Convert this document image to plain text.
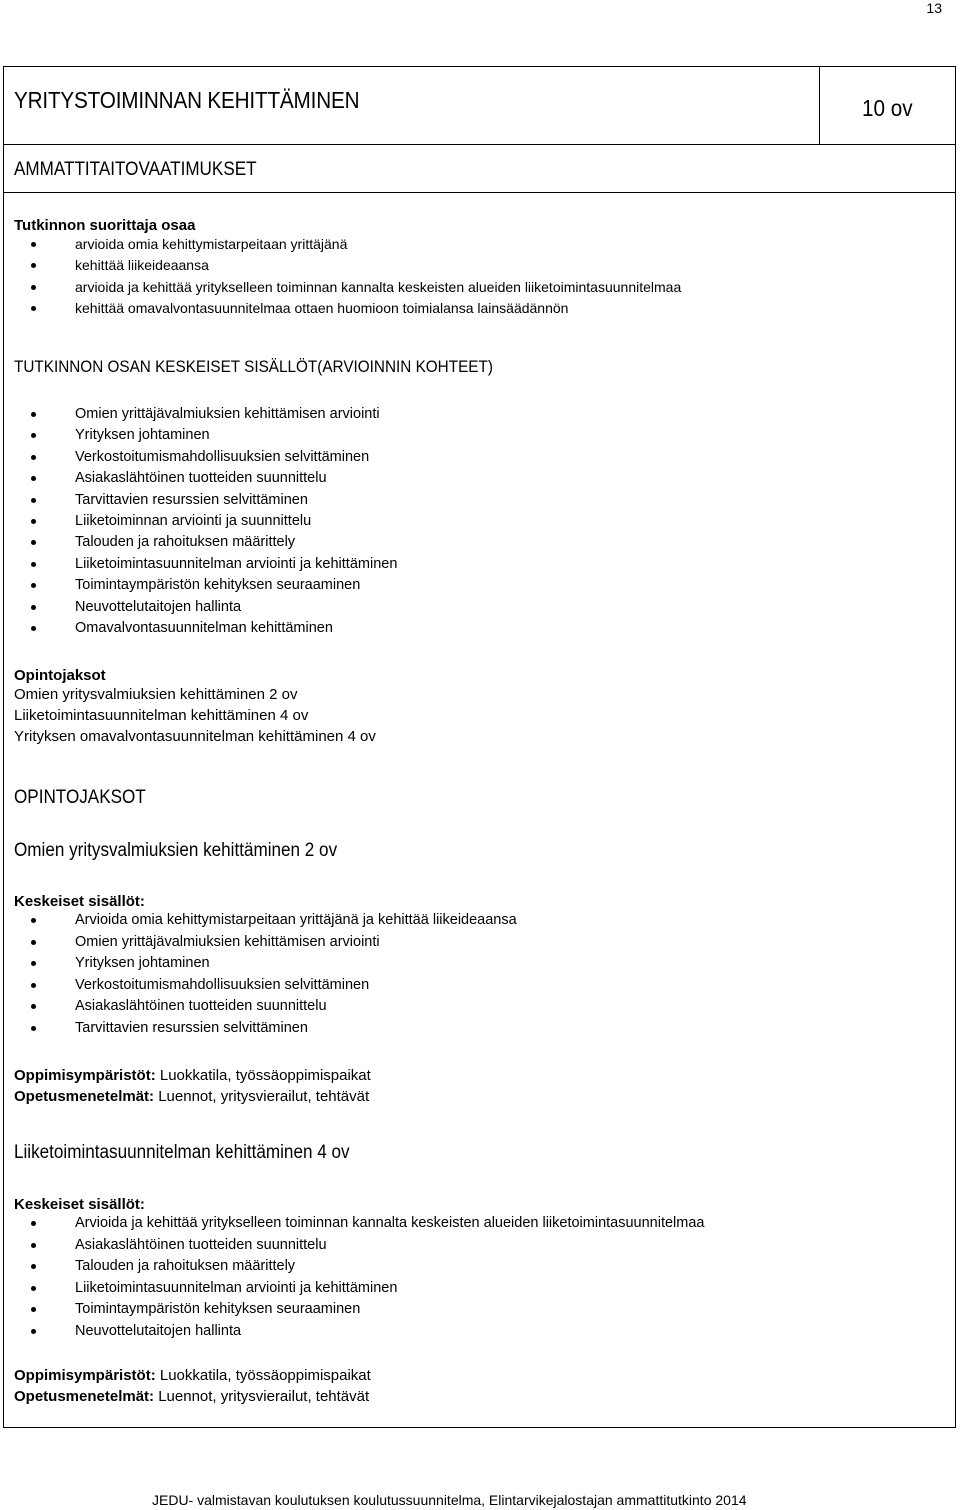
13
YRITYSTOIMINNAN KEHITTÄMINEN	10 ov
AMMATTITAITOVAATIMUKSET
Tutkinnon suorittaja osaa
arvioida omia kehittymistarpeitaan yrittäjänä
kehittää liikeideaansa
arvioida ja kehittää yritykselleen toiminnan kannalta keskeisten alueiden liiketoimintasuunnitelmaa
kehittää omavalvontasuunnitelmaa ottaen huomioon toimialansa lainsäädännön
TUTKINNON OSAN KESKEISET SISÄLLÖT(ARVIOINNIN KOHTEET)
Omien yrittäjävalmiuksien kehittämisen arviointi
Yrityksen johtaminen
Verkostoitumismahdollisuuksien selvittäminen
Asiakaslähtöinen tuotteiden suunnittelu
Tarvittavien resurssien selvittäminen
Liiketoiminnan arviointi ja suunnittelu
Talouden ja rahoituksen määrittely
Liiketoimintasuunnitelman arviointi ja kehittäminen
Toimintaympäristön kehityksen seuraaminen
Neuvottelutaitojen hallinta
Omavalvontasuunnitelman kehittäminen
Opintojaksot
Omien yritysvalmiuksien kehittäminen 2 ov
Liiketoimintasuunnitelman kehittäminen 4 ov
Yrityksen omavalvontasuunnitelman kehittäminen 4 ov
OPINTOJAKSOT
Omien yritysvalmiuksien kehittäminen 2 ov
Keskeiset sisällöt:
Arvioida omia kehittymistarpeitaan yrittäjänä ja kehittää liikeideaansa
Omien yrittäjävalmiuksien kehittämisen arviointi
Yrityksen johtaminen
Verkostoitumismahdollisuuksien selvittäminen
Asiakaslähtöinen tuotteiden suunnittelu
Tarvittavien resurssien selvittäminen
Oppimisympäristöt: Luokkatila, työssäoppimispaikat
Opetusmenetelmät: Luennot, yritysvierailut, tehtävät
Liiketoimintasuunnitelman kehittäminen 4 ov
Keskeiset sisällöt:
Arvioida ja kehittää yritykselleen toiminnan kannalta keskeisten alueiden liiketoimintasuunnitelmaa
Asiakaslähtöinen tuotteiden suunnittelu
Talouden ja rahoituksen määrittely
Liiketoimintasuunnitelman arviointi ja kehittäminen
Toimintaympäristön kehityksen seuraaminen
Neuvottelutaitojen hallinta
Oppimisympäristöt: Luokkatila, työssäoppimispaikat
Opetusmenetelmät: Luennot, yritysvierailut, tehtävät
JEDU- valmistavan koulutuksen koulutussuunnitelma, Elintarvikejalostajan ammattitutkinto 2014
